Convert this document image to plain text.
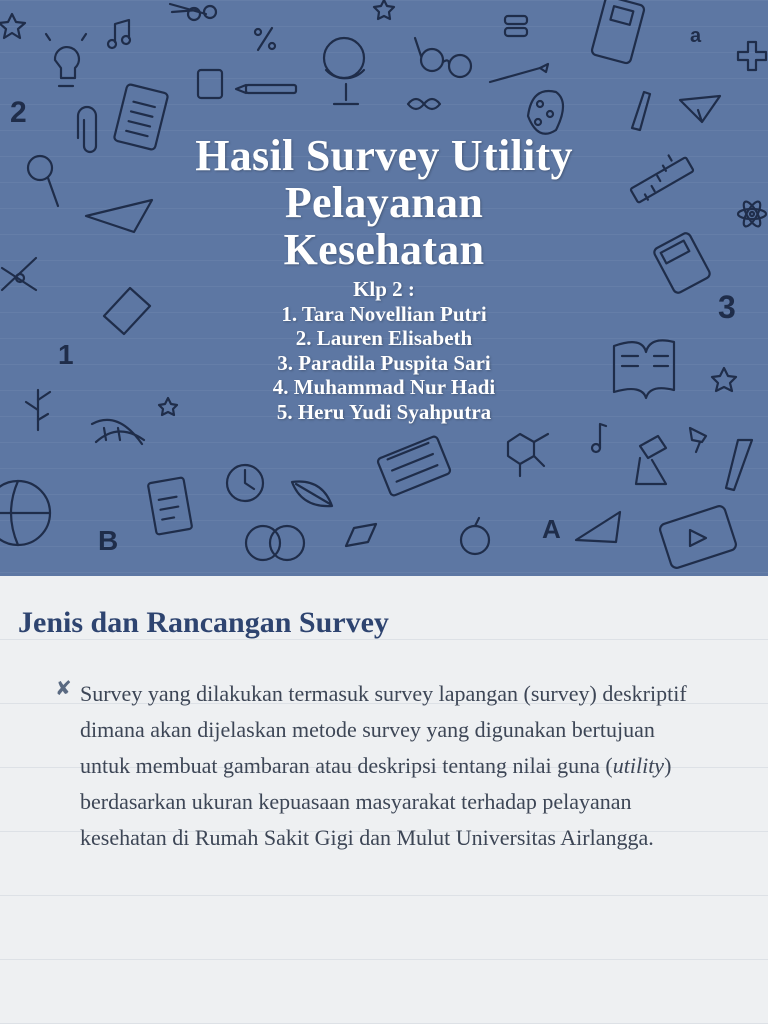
a
2
1
B	A
3
Hasil Survey Utility
Pelayanan
Kesehatan
Klp 2 :
1. Tara Novellian Putri
2. Lauren Elisabeth
3. Paradila Puspita Sari
4. Muhammad Nur Hadi
5. Heru Yudi Syahputra
Jenis dan Rancangan Survey
✘ Survey yang dilakukan termasuk survey lapangan (survey) deskriptif dimana akan dijelaskan metode survey yang digunakan bertujuan untuk membuat gambaran atau deskripsi tentang nilai guna (utility) berdasarkan ukuran kepuasaan masyarakat terhadap pelayanan kesehatan di Rumah Sakit Gigi dan Mulut Universitas Airlangga.
